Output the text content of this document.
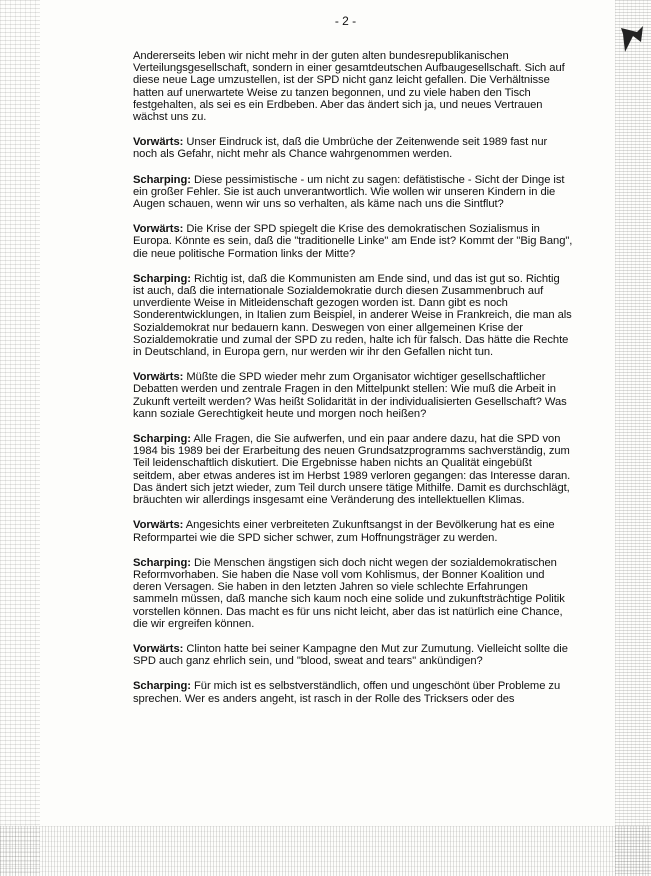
- 2 -

Andererseits leben wir nicht mehr in der guten alten bundesrepublikanischen Verteilungsgesellschaft, sondern in einer gesamtdeutschen Aufbaugesellschaft. Sich auf diese neue Lage umzustellen, ist der SPD nicht ganz leicht gefallen. Die Verhältnisse hatten auf unerwartete Weise zu tanzen begonnen, und zu viele haben den Tisch festgehalten, als sei es ein Erdbeben. Aber das ändert sich ja, und neues Vertrauen wächst uns zu.

Vorwärts: Unser Eindruck ist, daß die Umbrüche der Zeitenwende seit 1989 fast nur noch als Gefahr, nicht mehr als Chance wahrgenommen werden.

Scharping: Diese pessimistische - um nicht zu sagen: defätistische - Sicht der Dinge ist ein großer Fehler. Sie ist auch unverantwortlich. Wie wollen wir unseren Kindern in die Augen schauen, wenn wir uns so verhalten, als käme nach uns die Sintflut?

Vorwärts: Die Krise der SPD spiegelt die Krise des demokratischen Sozialismus in Europa. Könnte es sein, daß die "traditionelle Linke" am Ende ist? Kommt der "Big Bang", die neue politische Formation links der Mitte?

Scharping: Richtig ist, daß die Kommunisten am Ende sind, und das ist gut so. Richtig ist auch, daß die internationale Sozialdemokratie durch diesen Zusammenbruch auf unverdiente Weise in Mitleidenschaft gezogen worden ist. Dann gibt es noch Sonderentwicklungen, in Italien zum Beispiel, in anderer Weise in Frankreich, die man als Sozialdemokrat nur bedauern kann. Deswegen von einer allgemeinen Krise der Sozialdemokratie und zumal der SPD zu reden, halte ich für falsch. Das hätte die Rechte in Deutschland, in Europa gern, nur werden wir ihr den Gefallen nicht tun.

Vorwärts: Müßte die SPD wieder mehr zum Organisator wichtiger gesellschaftlicher Debatten werden und zentrale Fragen in den Mittelpunkt stellen: Wie muß die Arbeit in Zukunft verteilt werden? Was heißt Solidarität in der individualisierten Gesellschaft? Was kann soziale Gerechtigkeit heute und morgen noch heißen?

Scharping: Alle Fragen, die Sie aufwerfen, und ein paar andere dazu, hat die SPD von 1984 bis 1989 bei der Erarbeitung des neuen Grundsatzprogramms sachverständig, zum Teil leidenschaftlich diskutiert. Die Ergebnisse haben nichts an Qualität eingebüßt seitdem, aber etwas anderes ist im Herbst 1989 verloren gegangen: das Interesse daran. Das ändert sich jetzt wieder, zum Teil durch unsere tätige Mithilfe. Damit es durchschlägt, bräuchten wir allerdings insgesamt eine Veränderung des intellektuellen Klimas.

Vorwärts: Angesichts einer verbreiteten Zukunftsangst in der Bevölkerung hat es eine Reformpartei wie die SPD sicher schwer, zum Hoffnungsträger zu werden.

Scharping: Die Menschen ängstigen sich doch nicht wegen der sozialdemokratischen Reformvorhaben. Sie haben die Nase voll vom Kohlismus, der Bonner Koalition und deren Versagen. Sie haben in den letzten Jahren so viele schlechte Erfahrungen sammeln müssen, daß manche sich kaum noch eine solide und zukunftsträchtige Politik vorstellen können. Das macht es für uns nicht leicht, aber das ist natürlich eine Chance, die wir ergreifen können.

Vorwärts: Clinton hatte bei seiner Kampagne den Mut zur Zumutung. Vielleicht sollte die SPD auch ganz ehrlich sein, und "blood, sweat and tears" ankündigen?

Scharping: Für mich ist es selbstverständlich, offen und ungeschönt über Probleme zu sprechen. Wer es anders angeht, ist rasch in der Rolle des Tricksers oder des
